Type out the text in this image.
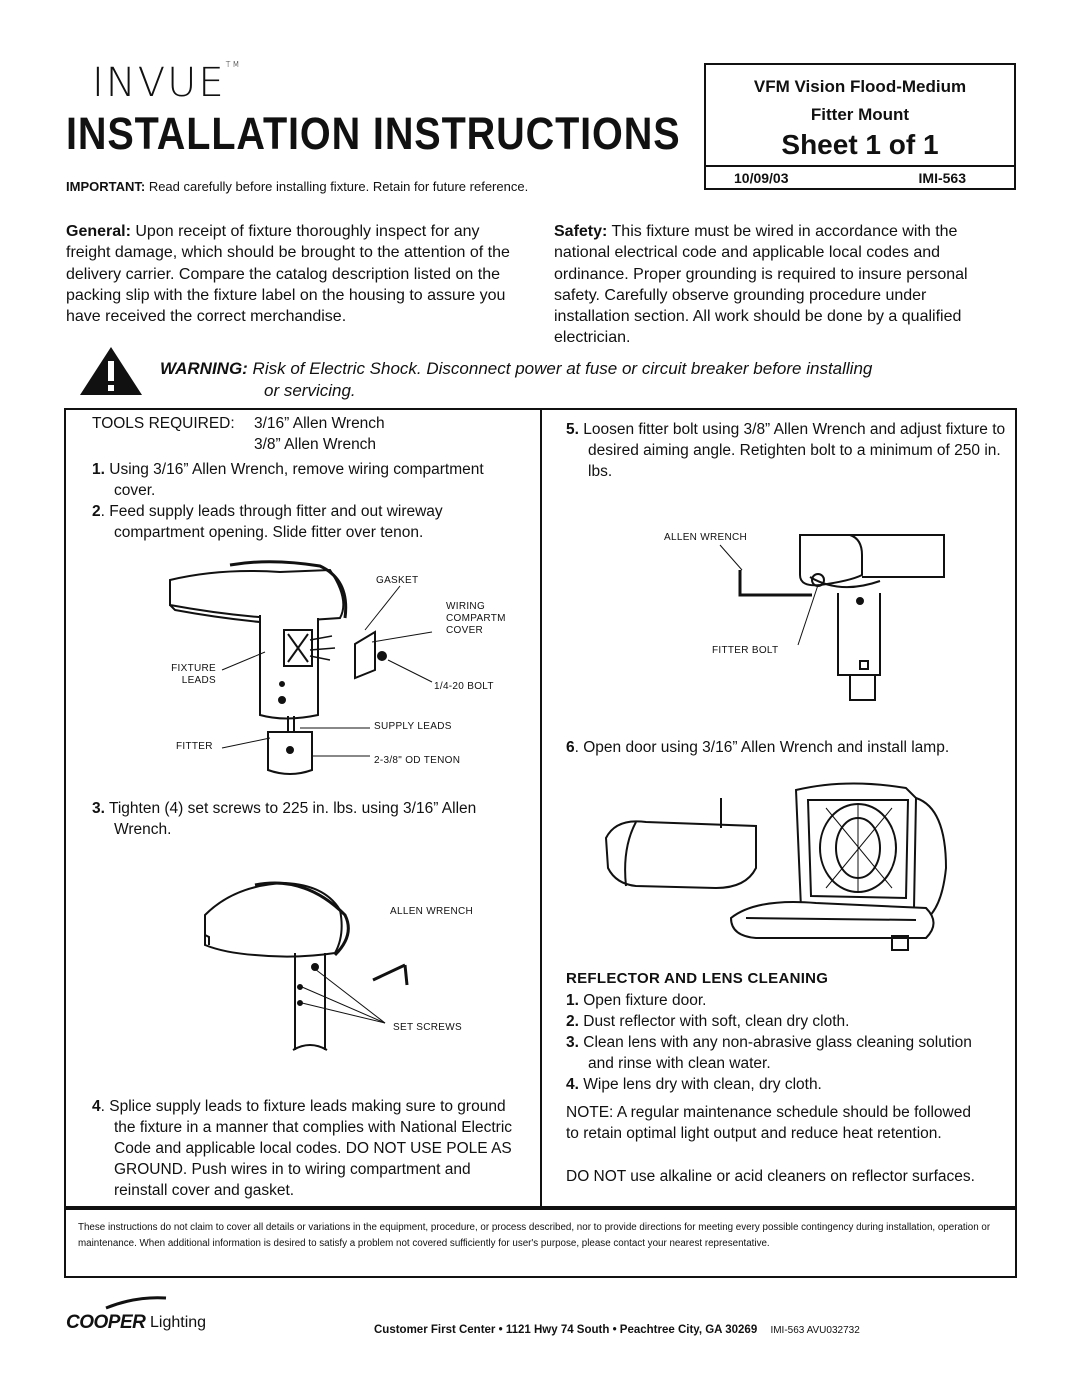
INVUE™
INSTALLATION INSTRUCTIONS
IMPORTANT: Read carefully before installing fixture. Retain for future reference.
VFM Vision Flood-Medium
Fitter Mount
Sheet 1 of 1
10/09/03	IMI-563
General: Upon receipt of fixture thoroughly inspect for any freight damage, which should be brought to the attention of the delivery carrier. Compare the catalog description listed on the packing slip with the fixture label on the housing to assure you have received the correct merchandise.
Safety: This fixture must be wired in accordance with the national electrical code and applicable local codes and ordinance. Proper grounding is required to insure personal safety. Carefully observe grounding procedure under installation section. All work should be done by a qualified electrician.
WARNING: Risk of Electric Shock. Disconnect power at fuse or circuit breaker before installing
or servicing.
TOOLS REQUIRED: 3/16” Allen Wrench
3/8” Allen Wrench
1. Using 3/16” Allen Wrench, remove wiring compartment cover.
2. Feed supply leads through fitter and out wireway compartment opening. Slide fitter over tenon.
GASKET
WIRING
COMPARTM
COVER
FIXTURE
LEADS
1/4-20 BOLT
SUPPLY LEADS
FITTER
2-3/8" OD TENON
3. Tighten (4) set screws to 225 in. lbs. using 3/16” Allen Wrench.
ALLEN WRENCH
SET SCREWS
4. Splice supply leads to fixture leads making sure to ground the fixture in a manner that complies with National Electric Code and applicable local codes. DO NOT USE POLE AS GROUND. Push wires in to wiring compartment and reinstall cover and gasket.
5. Loosen fitter bolt using 3/8” Allen Wrench and adjust fixture to desired aiming angle. Retighten bolt to a minimum of 250 in. lbs.
ALLEN WRENCH
FITTER BOLT
6. Open door using 3/16” Allen Wrench and install lamp.
REFLECTOR AND LENS CLEANING
1. Open fixture door.
2. Dust reflector with soft, clean dry cloth.
3. Clean lens with any non-abrasive glass cleaning solution and rinse with clean water.
4. Wipe lens dry with clean, dry cloth.
NOTE: A regular maintenance schedule should be followed to retain optimal light output and reduce heat retention.
DO NOT use alkaline or acid cleaners on reflector surfaces.
These instructions do not claim to cover all details or variations in the equipment, procedure, or process described, nor to provide directions for meeting every possible contingency during installation, operation or maintenance. When additional information is desired to satisfy a problem not covered sufficiently for user's purpose, please contact your nearest representative.
COOPER Lighting	Customer First Center • 1121 Hwy 74 South • Peachtree City, GA 30269 IMI-563 AVU032732
